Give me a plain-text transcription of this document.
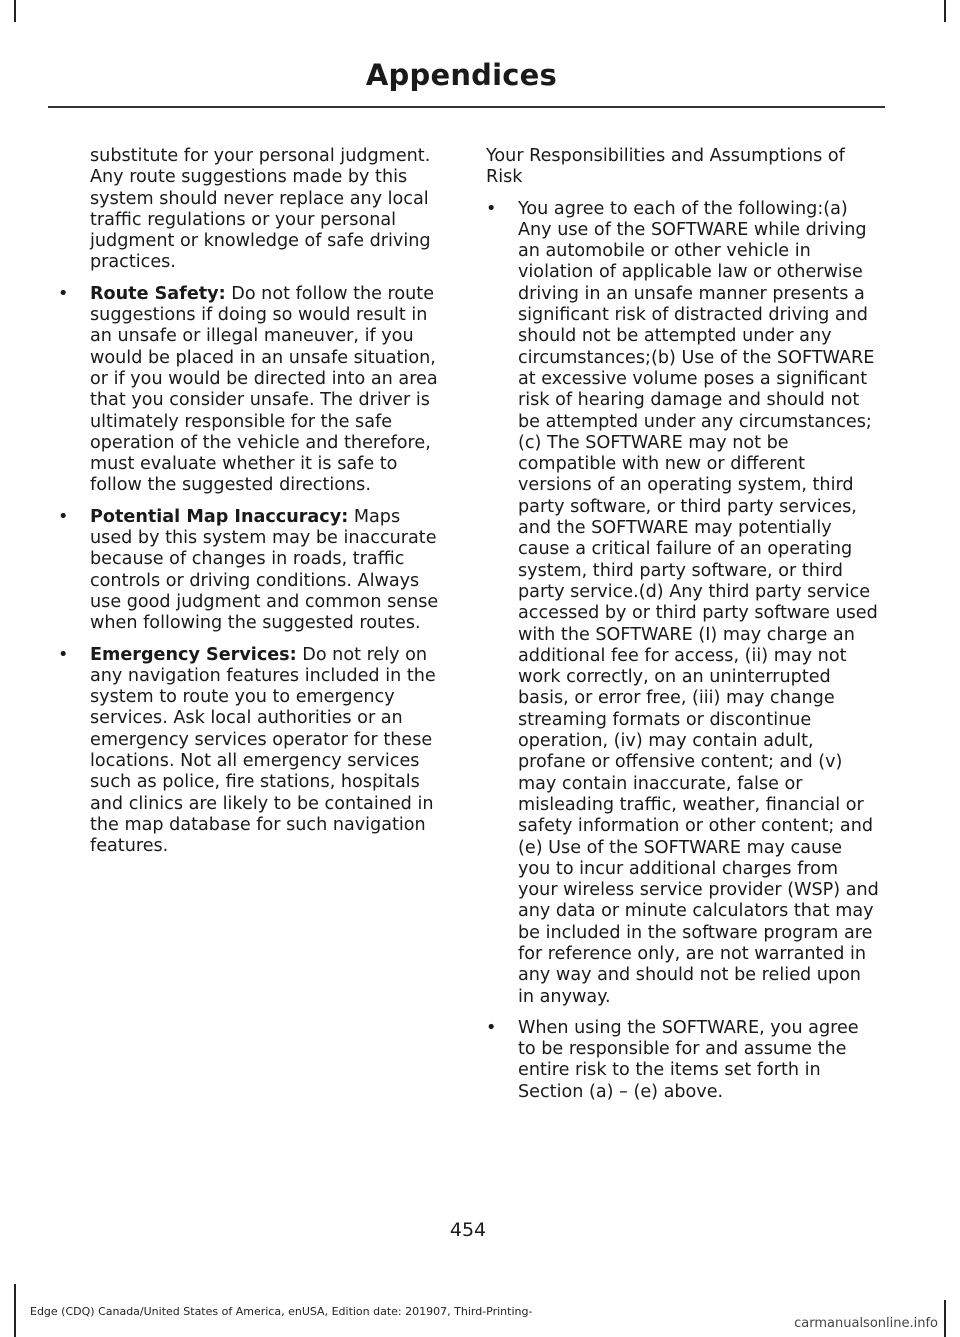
Appendices

substitute for your personal judgment. Any route suggestions made by this system should never replace any local traffic regulations or your personal judgment or knowledge of safe driving practices.

•	Route Safety: Do not follow the route suggestions if doing so would result in an unsafe or illegal maneuver, if you would be placed in an unsafe situation, or if you would be directed into an area that you consider unsafe. The driver is ultimately responsible for the safe operation of the vehicle and therefore, must evaluate whether it is safe to follow the suggested directions.
•	Potential Map Inaccuracy: Maps used by this system may be inaccurate because of changes in roads, traffic controls or driving conditions. Always use good judgment and common sense when following the suggested routes.
•	Emergency Services: Do not rely on any navigation features included in the system to route you to emergency services. Ask local authorities or an emergency services operator for these locations. Not all emergency services such as police, fire stations, hospitals and clinics are likely to be contained in the map database for such navigation features.

Your Responsibilities and Assumptions of Risk

•	You agree to each of the following:(a) Any use of the SOFTWARE while driving an automobile or other vehicle in violation of applicable law or otherwise driving in an unsafe manner presents a significant risk of distracted driving and should not be attempted under any circumstances;(b) Use of the SOFTWARE at excessive volume poses a significant risk of hearing damage and should not be attempted under any circumstances;(c) The SOFTWARE may not be compatible with new or different versions of an operating system, third party software, or third party services, and the SOFTWARE may potentially cause a critical failure of an operating system, third party software, or third party service.(d) Any third party service accessed by or third party software used with the SOFTWARE (I) may charge an additional fee for access, (ii) may not work correctly, on an uninterrupted basis, or error free, (iii) may change streaming formats or discontinue operation, (iv) may contain adult, profane or offensive content; and (v) may contain inaccurate, false or misleading traffic, weather, financial or safety information or other content; and (e) Use of the SOFTWARE may cause you to incur additional charges from your wireless service provider (WSP) and any data or minute calculators that may be included in the software program are for reference only, are not warranted in any way and should not be relied upon in anyway.
•	When using the SOFTWARE, you agree to be responsible for and assume the entire risk to the items set forth in Section (a) – (e) above.
454
Edge (CDQ) Canada/United States of America, enUSA, Edition date: 201907, Third-Printing-
carmanualsonline.info
